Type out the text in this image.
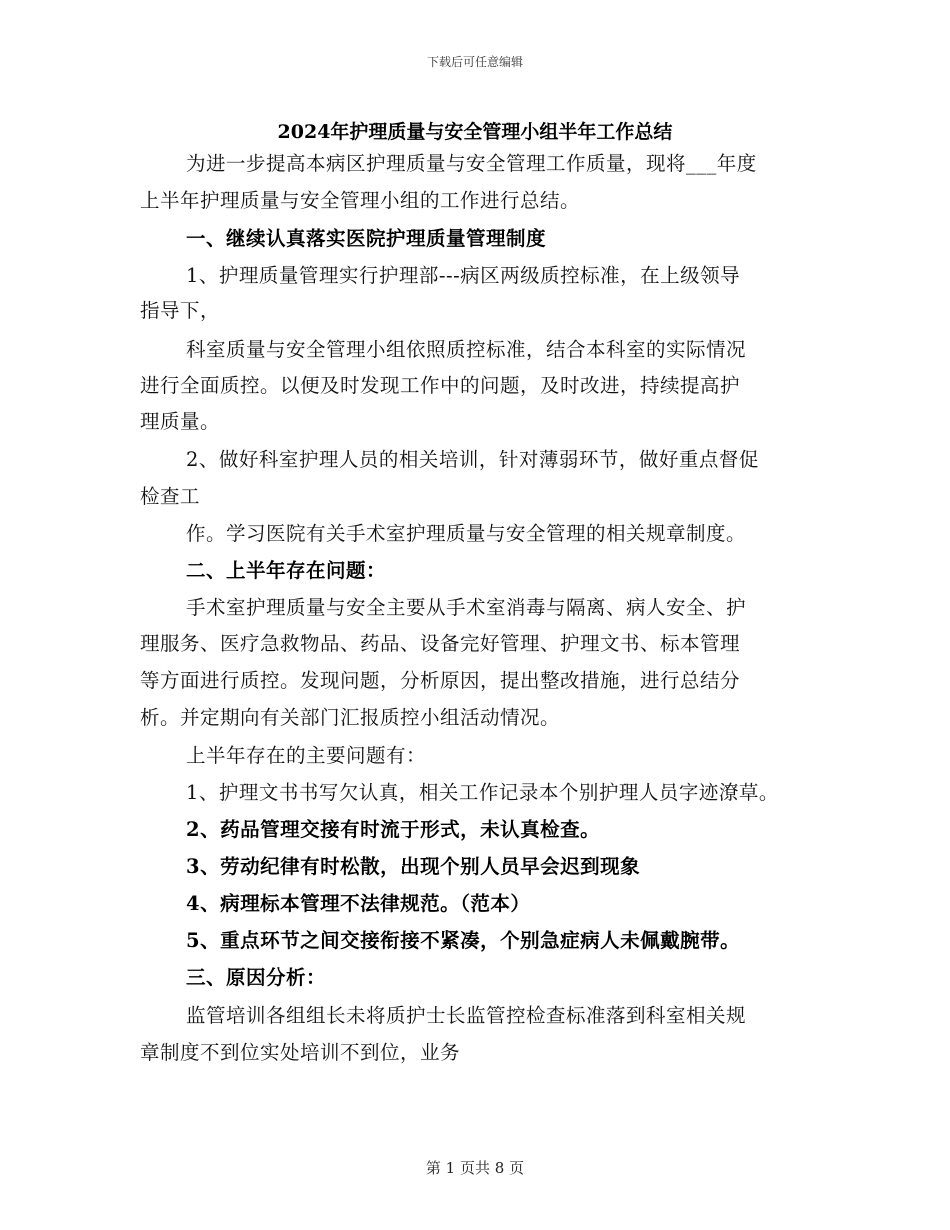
下载后可任意编辑
2024年护理质量与安全管理小组半年工作总结
为进一步提高本病区护理质量与安全管理工作质量，现将___年度
上半年护理质量与安全管理小组的工作进行总结。
一、继续认真落实医院护理质量管理制度
1、护理质量管理实行护理部---病区两级质控标准，在上级领导
指导下，
科室质量与安全管理小组依照质控标准，结合本科室的实际情况
进行全面质控。以便及时发现工作中的问题，及时改进，持续提高护
理质量。
2、做好科室护理人员的相关培训，针对薄弱环节，做好重点督促
检查工
作。学习医院有关手术室护理质量与安全管理的相关规章制度。
二、上半年存在问题：
手术室护理质量与安全主要从手术室消毒与隔离、病人安全、护
理服务、医疗急救物品、药品、设备完好管理、护理文书、标本管理
等方面进行质控。发现问题，分析原因，提出整改措施，进行总结分
析。并定期向有关部门汇报质控小组活动情况。
上半年存在的主要问题有：
1、护理文书书写欠认真，相关工作记录本个别护理人员字迹潦草。
2、药品管理交接有时流于形式，未认真检查。
3、劳动纪律有时松散，出现个别人员早会迟到现象
4、病理标本管理不法律规范。（范本）
5、重点环节之间交接衔接不紧凑，个别急症病人未佩戴腕带。
三、原因分析：
监管培训各组组长未将质护士长监管控检查标准落到科室相关规
章制度不到位实处培训不到位，业务
第 1 页共 8 页
